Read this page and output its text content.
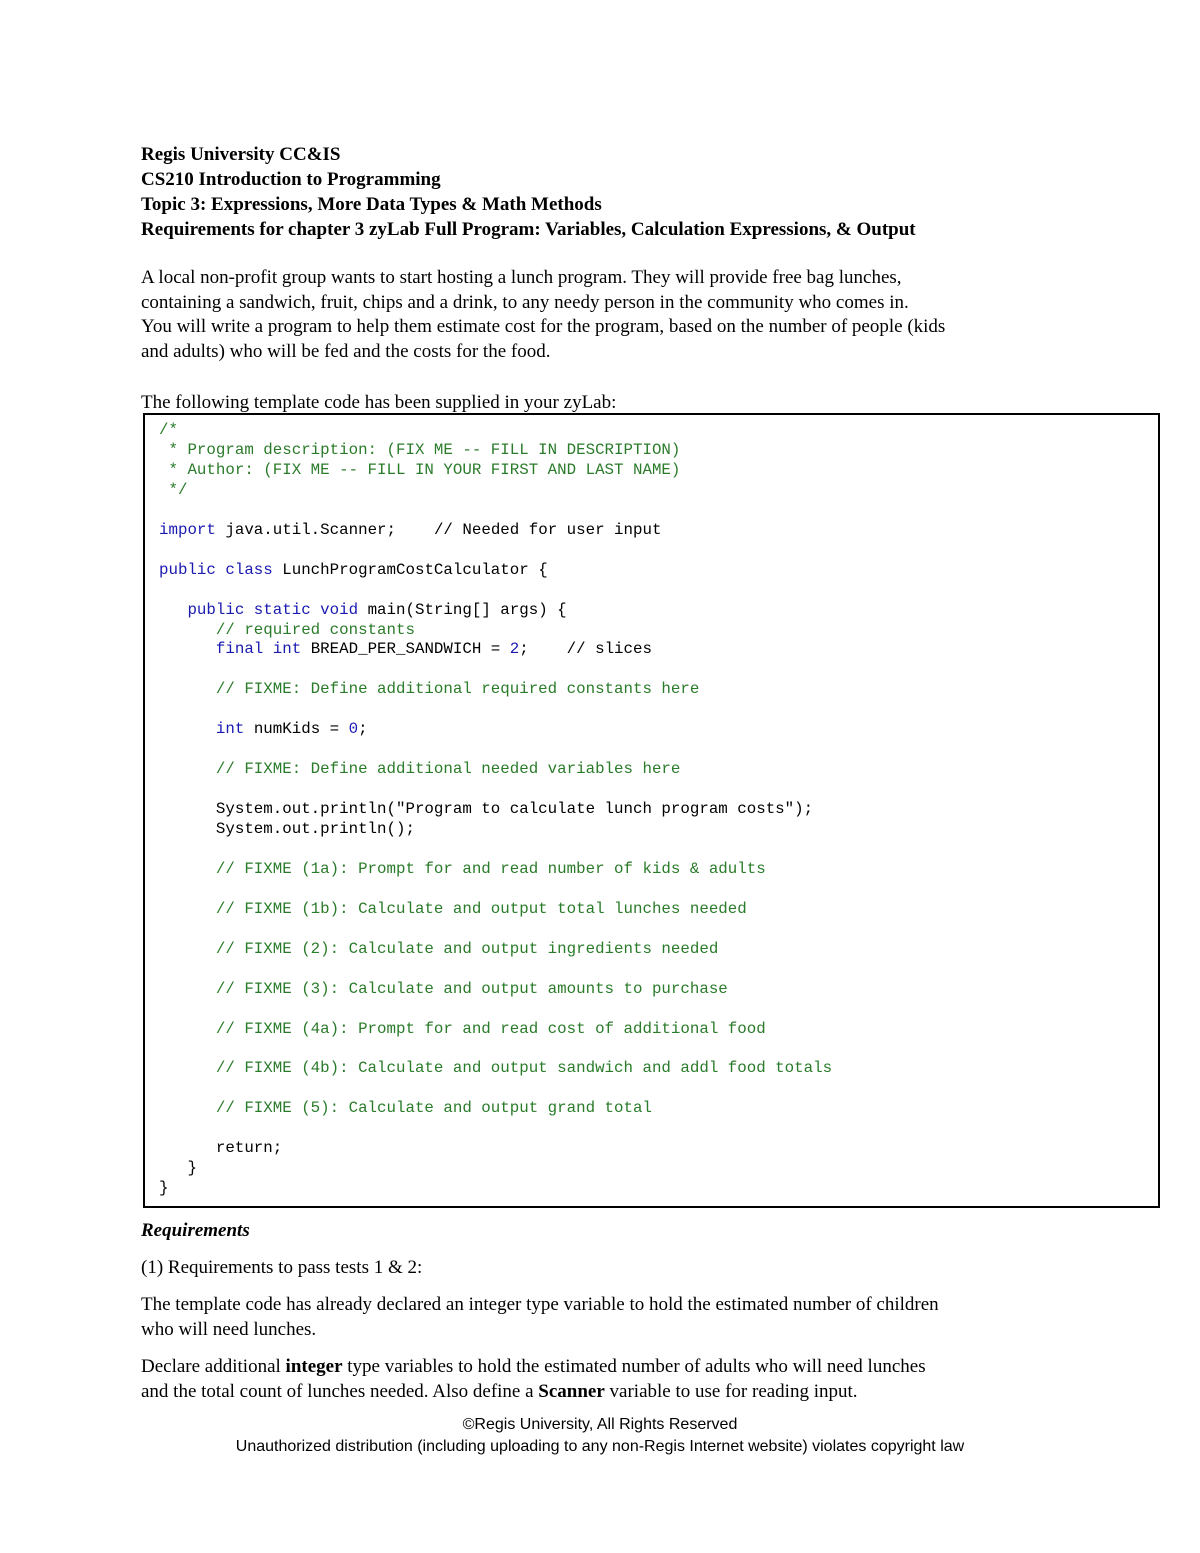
Regis University CC&IS
CS210 Introduction to Programming
Topic 3: Expressions, More Data Types & Math Methods
Requirements for chapter 3 zyLab Full Program: Variables, Calculation Expressions, & Output
A local non-profit group wants to start hosting a lunch program. They will provide free bag lunches,
containing a sandwich, fruit, chips and a drink, to any needy person in the community who comes in.
You will write a program to help them estimate cost for the program, based on the number of people (kids
and adults) who will be fed and the costs for the food.
The following template code has been supplied in your zyLab:
/*
* Program description: (FIX ME -- FILL IN DESCRIPTION)
* Author: (FIX ME -- FILL IN YOUR FIRST AND LAST NAME)
*/
import java.util.Scanner;    // Needed for user input
public class LunchProgramCostCalculator {
public static void main(String[] args) {
// required constants
final int BREAD_PER_SANDWICH = 2;    // slices
// FIXME: Define additional required constants here
int numKids = 0;
// FIXME: Define additional needed variables here
System.out.println("Program to calculate lunch program costs");
System.out.println();
// FIXME (1a): Prompt for and read number of kids & adults
// FIXME (1b): Calculate and output total lunches needed
// FIXME (2): Calculate and output ingredients needed
// FIXME (3): Calculate and output amounts to purchase
// FIXME (4a): Prompt for and read cost of additional food
// FIXME (4b): Calculate and output sandwich and addl food totals
// FIXME (5): Calculate and output grand total
return;
}
}
Requirements
(1) Requirements to pass tests 1 & 2:
The template code has already declared an integer type variable to hold the estimated number of children
who will need lunches.
Declare additional integer type variables to hold the estimated number of adults who will need lunches
and the total count of lunches needed. Also define a Scanner variable to use for reading input.
©Regis University, All Rights Reserved
Unauthorized distribution (including uploading to any non-Regis Internet website) violates copyright law
